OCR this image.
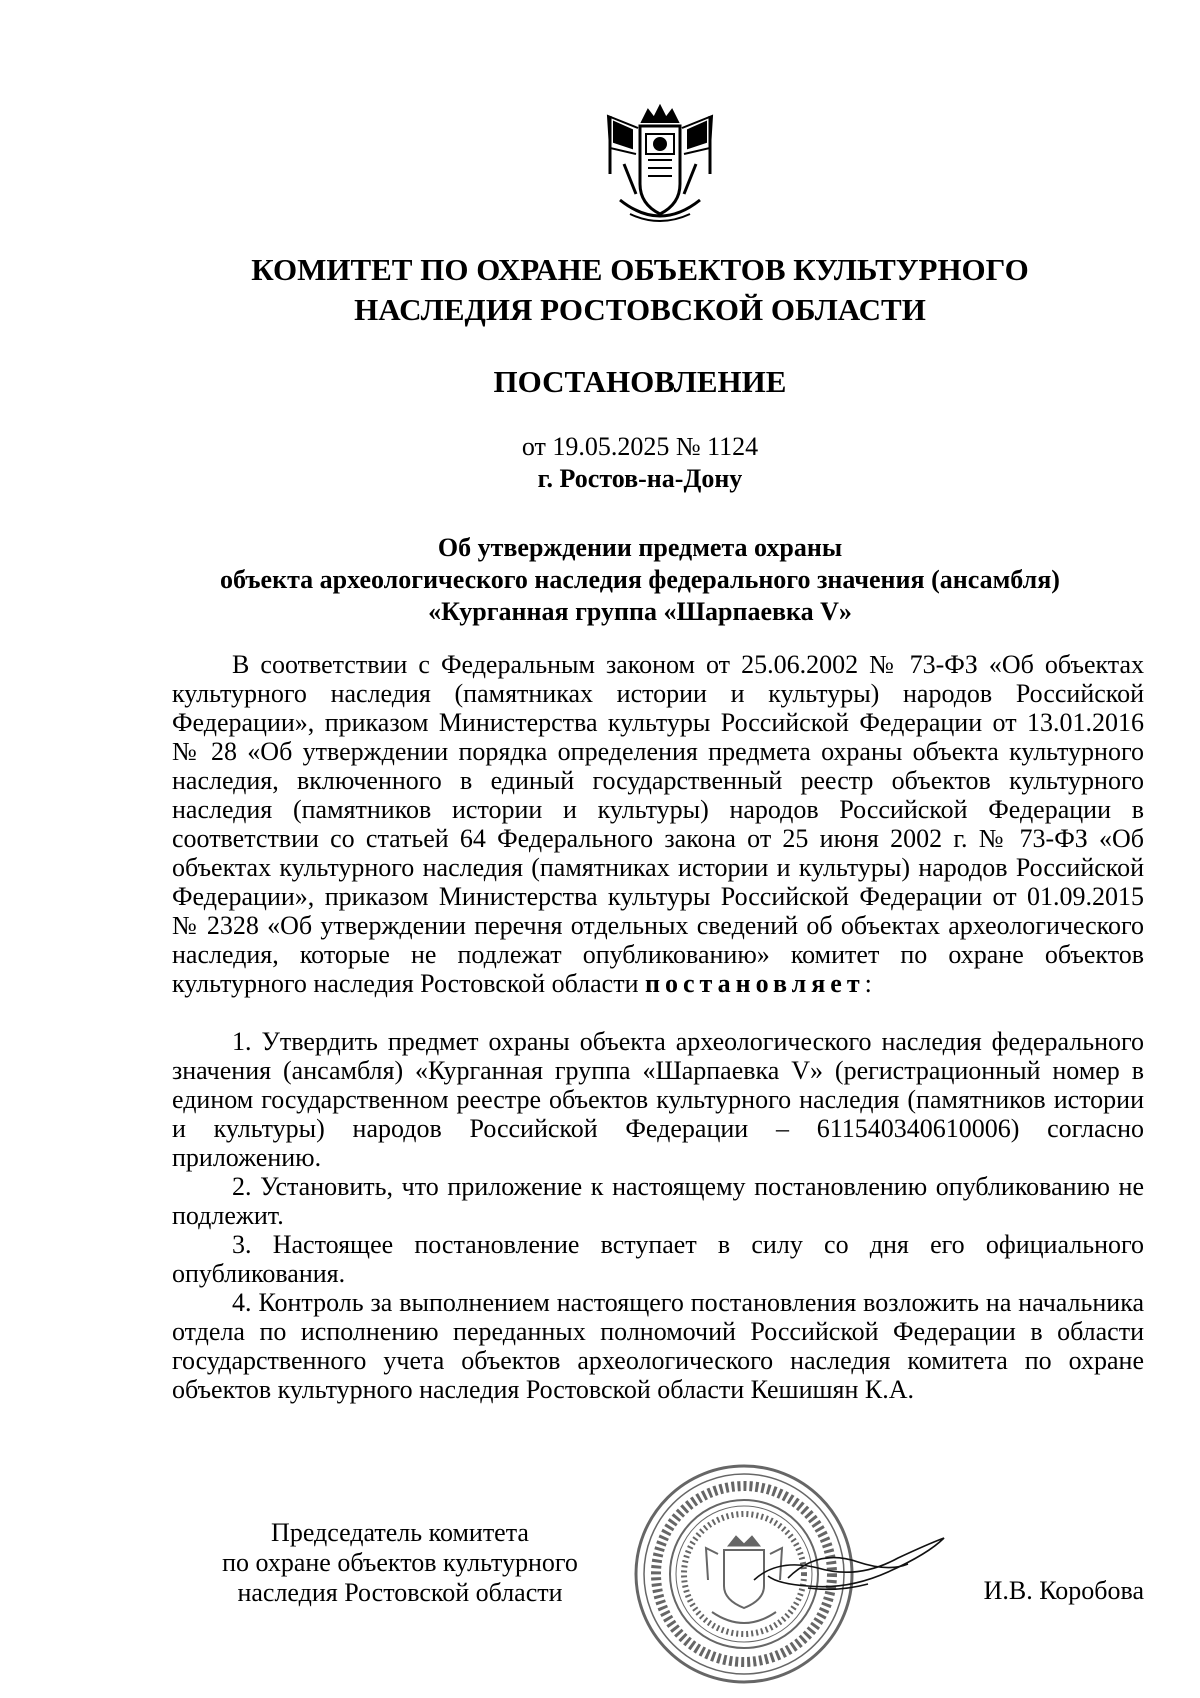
КОМИТЕТ ПО ОХРАНЕ ОБЪЕКТОВ КУЛЬТУРНОГО
НАСЛЕДИЯ РОСТОВСКОЙ ОБЛАСТИ
ПОСТАНОВЛЕНИЕ
от 19.05.2025 № 1124
г. Ростов-на-Дону
Об утверждении предмета охраны
объекта археологического наследия федерального значения (ансамбля)
«Курганная группа «Шарпаевка V»

В соответствии с Федеральным законом от 25.06.2002 № 73-ФЗ «Об объектах культурного наследия (памятниках истории и культуры) народов Российской Федерации», приказом Министерства культуры Российской Федерации от 13.01.2016 № 28 «Об утверждении порядка определения предмета охраны объекта культурного наследия, включенного в единый государственный реестр объектов культурного наследия (памятников истории и культуры) народов Российской Федерации в соответствии со статьей 64 Федерального закона от 25 июня 2002 г. № 73-ФЗ «Об объектах культурного наследия (памятниках истории и культуры) народов Российской Федерации», приказом Министерства культуры Российской Федерации от 01.09.2015 № 2328 «Об утверждении перечня отдельных сведений об объектах археологического наследия, которые не подлежат опубликованию» комитет по охране объектов культурного наследия Ростовской области постановляет:

1. Утвердить предмет охраны объекта археологического наследия федерального значения (ансамбля) «Курганная группа «Шарпаевка V» (регистрационный номер в едином государственном реестре объектов культурного наследия (памятников истории и культуры) народов Российской Федерации – 611540340610006) согласно приложению.

2. Установить, что приложение к настоящему постановлению опубликованию не подлежит.

3. Настоящее постановление вступает в силу со дня его официального опубликования.

4. Контроль за выполнением настоящего постановления возложить на начальника отдела по исполнению переданных полномочий Российской Федерации в области государственного учета объектов археологического наследия комитета по охране объектов культурного наследия Ростовской области Кешишян К.А.

Председатель комитета
по охране объектов культурного
наследия Ростовской области	И.В. Коробова
